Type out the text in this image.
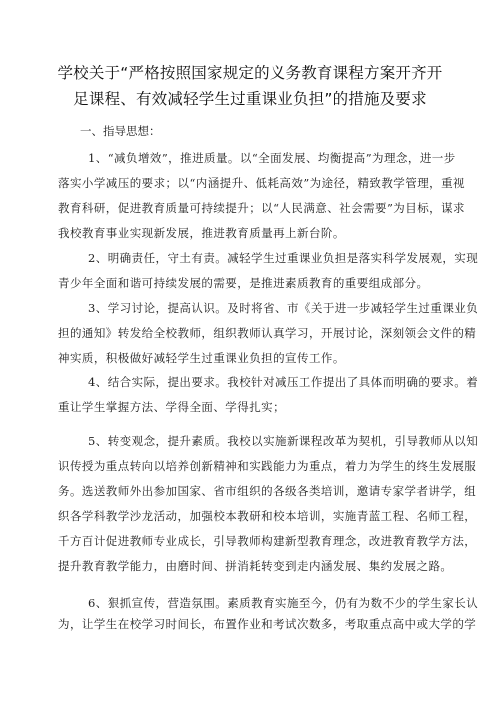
学校关于“严格按照国家规定的义务教育课程方案开齐开
足课程、有效减轻学生过重课业负担”的措施及要求
一、指导思想：
1、“减负增效”，推进质量。以“全面发展、均衡提高”为理念，进一步
落实小学减压的要求；以“内涵提升、低耗高效”为途径，精致教学管理，重视
教育科研，促进教育质量可持续提升；以“人民满意、社会需要”为目标，谋求
我校教育事业实现新发展，推进教育质量再上新台阶。
2、明确责任，守土有责。减轻学生过重课业负担是落实科学发展观，实现
青少年全面和谐可持续发展的需要，是推进素质教育的重要组成部分。
3、学习讨论，提高认识。及时将省、市《关于进一步减轻学生过重课业负
担的通知》转发给全校教师，组织教师认真学习，开展讨论，深刻领会文件的精
神实质，积极做好减轻学生过重课业负担的宣传工作。
4、结合实际，提出要求。我校针对减压工作提出了具体而明确的要求。着
重让学生掌握方法、学得全面、学得扎实；
5、转变观念，提升素质。我校以实施新课程改革为契机，引导教师从以知
识传授为重点转向以培养创新精神和实践能力为重点，着力为学生的终生发展服
务。选送教师外出参加国家、省市组织的各级各类培训，邀请专家学者讲学，组
织各学科教学沙龙活动，加强校本教研和校本培训，实施青蓝工程、名师工程，
千方百计促进教师专业成长，引导教师构建新型教育理念，改进教育教学方法，
提升教育教学能力，由磨时间、拼消耗转变到走内涵发展、集约发展之路。
6、狠抓宣传，营造氛围。素质教育实施至今，仍有为数不少的学生家长认
为，让学生在校学习时间长，布置作业和考试次数多，考取重点高中或大学的学
